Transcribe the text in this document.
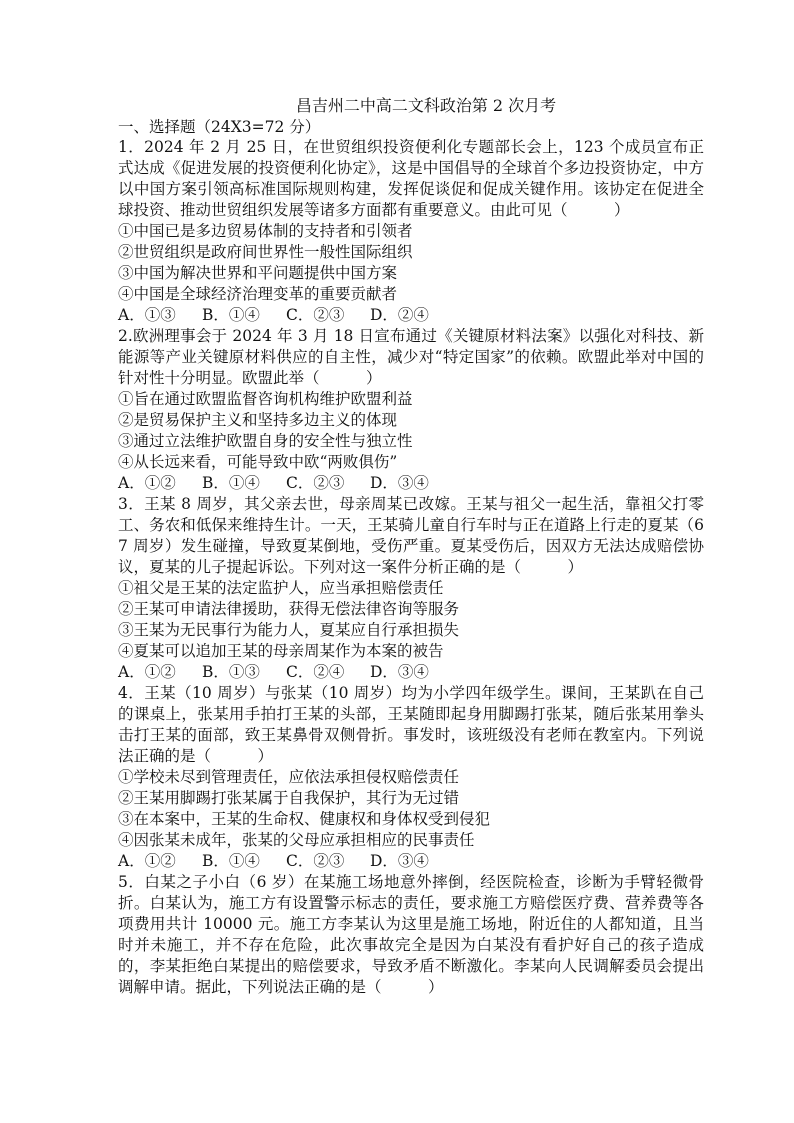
昌吉州二中高二文科政治第 2 次月考

一、选择题（24X3=72 分）

1．2024 年 2 月 25 日，在世贸组织投资便利化专题部长会上，123 个成员宣布正式达成《促进发展的投资便利化协定》，这是中国倡导的全球首个多边投资协定，中方以中国方案引领高标准国际规则构建，发挥促谈促和促成关键作用。该协定在促进全球投资、推动世贸组织发展等诸多方面都有重要意义。由此可见（　　　）

①中国已是多边贸易体制的支持者和引领者

②世贸组织是政府间世界性一般性国际组织

③中国为解决世界和平问题提供中国方案

④中国是全球经济治理变革的重要贡献者

A．①③	B．①④	C．②③	D．②④

2.欧洲理事会于 2024 年 3 月 18 日宣布通过《关键原材料法案》以强化对科技、新能源等产业关键原材料供应的自主性，减少对“特定国家”的依赖。欧盟此举对中国的针对性十分明显。欧盟此举（　　　）

①旨在通过欧盟监督咨询机构维护欧盟利益

②是贸易保护主义和坚持多边主义的体现

③通过立法维护欧盟自身的安全性与独立性

④从长远来看，可能导致中欧“两败俱伤”

A．①②	B．①④	C．②③	D．③④

3．王某 8 周岁，其父亲去世，母亲周某已改嫁。王某与祖父一起生活，靠祖父打零工、务农和低保来维持生计。一天，王某骑儿童自行车时与正在道路上行走的夏某（67 周岁）发生碰撞，导致夏某倒地，受伤严重。夏某受伤后，因双方无法达成赔偿协议，夏某的儿子提起诉讼。下列对这一案件分析正确的是（　　　）

①祖父是王某的法定监护人，应当承担赔偿责任

②王某可申请法律援助，获得无偿法律咨询等服务

③王某为无民事行为能力人，夏某应自行承担损失

④夏某可以追加王某的母亲周某作为本案的被告

A．①②	B．①③	C．②④	D．③④

4．王某（10 周岁）与张某（10 周岁）均为小学四年级学生。课间，王某趴在自己的课桌上，张某用手拍打王某的头部，王某随即起身用脚踢打张某，随后张某用拳头击打王某的面部，致王某鼻骨双侧骨折。事发时，该班级没有老师在教室内。下列说法正确的是（　　　）

①学校未尽到管理责任，应依法承担侵权赔偿责任

②王某用脚踢打张某属于自我保护，其行为无过错

③在本案中，王某的生命权、健康权和身体权受到侵犯

④因张某未成年，张某的父母应承担相应的民事责任

A．①②	B．①④	C．②③	D．③④

5．白某之子小白（6 岁）在某施工场地意外摔倒，经医院检查，诊断为手臂轻微骨折。白某认为，施工方有设置警示标志的责任，要求施工方赔偿医疗费、营养费等各项费用共计 10000 元。施工方李某认为这里是施工场地，附近住的人都知道，且当时并未施工，并不存在危险，此次事故完全是因为白某没有看护好自己的孩子造成的，李某拒绝白某提出的赔偿要求，导致矛盾不断激化。李某向人民调解委员会提出调解申请。据此，下列说法正确的是（　　　）
